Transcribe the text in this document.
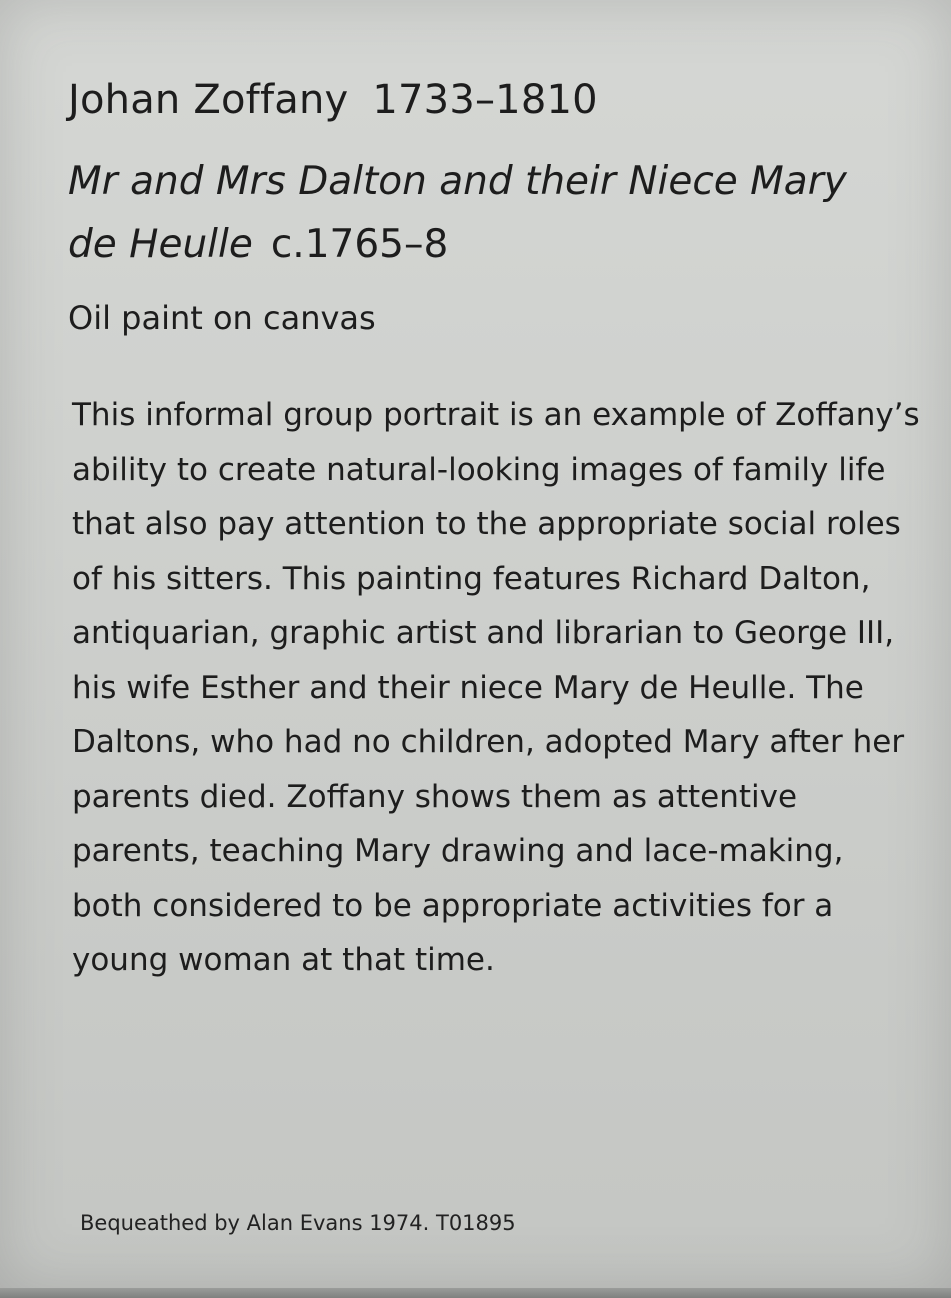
Johan Zoffany 1733–1810

Mr and Mrs Dalton and their Niece Mary de Heulle c.1765–8

Oil paint on canvas

This informal group portrait is an example of Zoffany’s ability to create natural-looking images of family life that also pay attention to the appropriate social roles of his sitters. This painting features Richard Dalton, antiquarian, graphic artist and librarian to George III, his wife Esther and their niece Mary de Heulle. The Daltons, who had no children, adopted Mary after her parents died. Zoffany shows them as attentive parents, teaching Mary drawing and lace-making, both considered to be appropriate activities for a young woman at that time.

Bequeathed by Alan Evans 1974. T01895
